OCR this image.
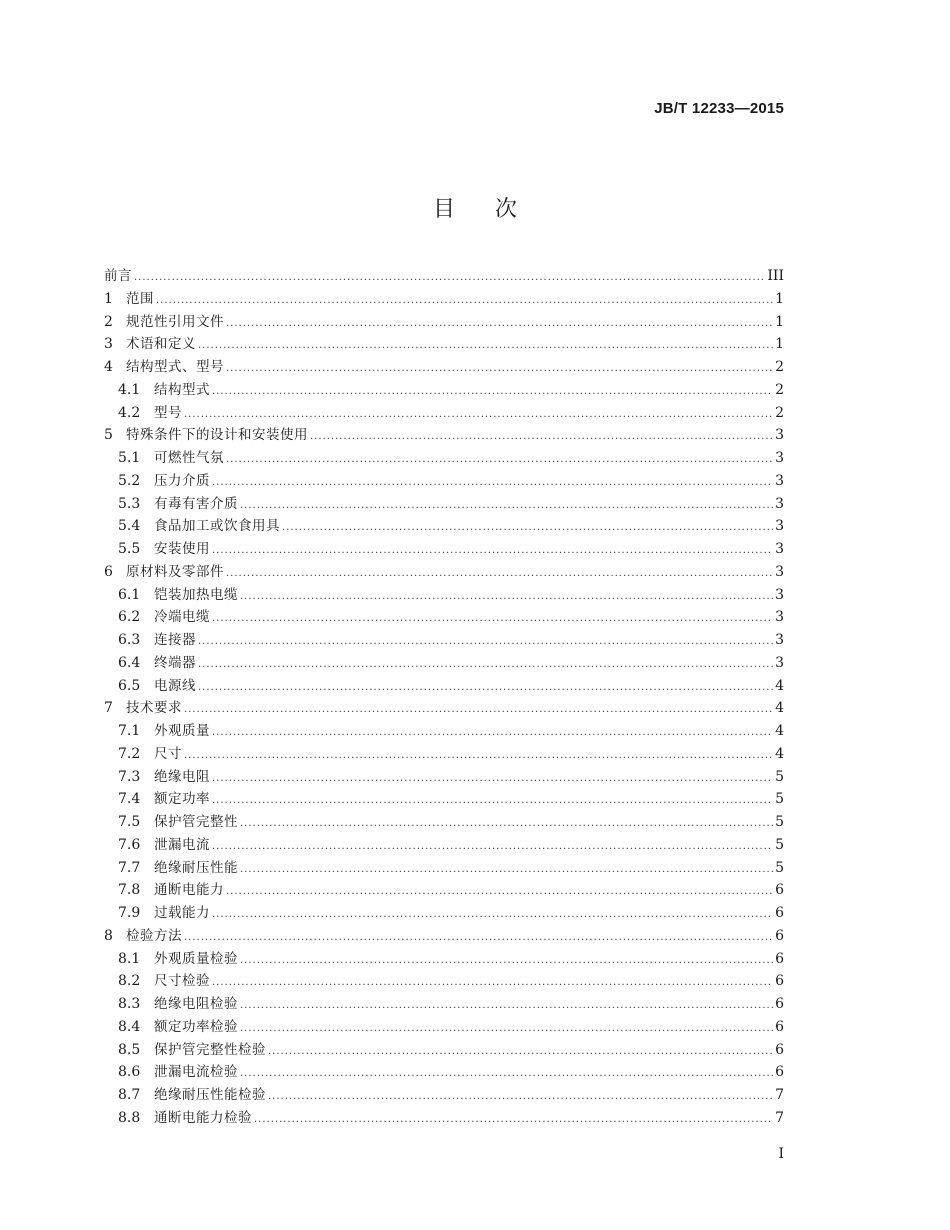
JB/T 12233—2015
目次
前言 .....	III
1 范围 .....	1
2 规范性引用文件 .....	1
3 术语和定义 .....	1
4 结构型式、型号 .....	2
4.1	结构型式 .....	2
4.2	型号 .....	2
5 特殊条件下的设计和安装使用 .....	3
5.1	可燃性气氛 .....	3
5.2	压力介质 .....	3
5.3	有毒有害介质 .....	3
5.4	食品加工或饮食用具 .....	3
5.5	安装使用 .....	3
6 原材料及零部件 .....	3
6.1	铠装加热电缆 .....	3
6.2	冷端电缆 .....	3
6.3	连接器 .....	3
6.4	终端器 .....	3
6.5	电源线 .....	4
7 技术要求 .....	4
7.1	外观质量 .....	4
7.2	尺寸 .....	4
7.3	绝缘电阻 .....	5
7.4	额定功率 .....	5
7.5	保护管完整性 .....	5
7.6	泄漏电流 .....	5
7.7	绝缘耐压性能 .....	5
7.8	通断电能力 .....	6
7.9	过载能力 .....	6
8 检验方法 .....	6
8.1	外观质量检验 .....	6
8.2	尺寸检验 .....	6
8.3	绝缘电阻检验 .....	6
8.4	额定功率检验 .....	6
8.5	保护管完整性检验 .....	6
8.6	泄漏电流检验 .....	6
8.7	绝缘耐压性能检验 .....	7
8.8	通断电能力检验 .....	7
I
